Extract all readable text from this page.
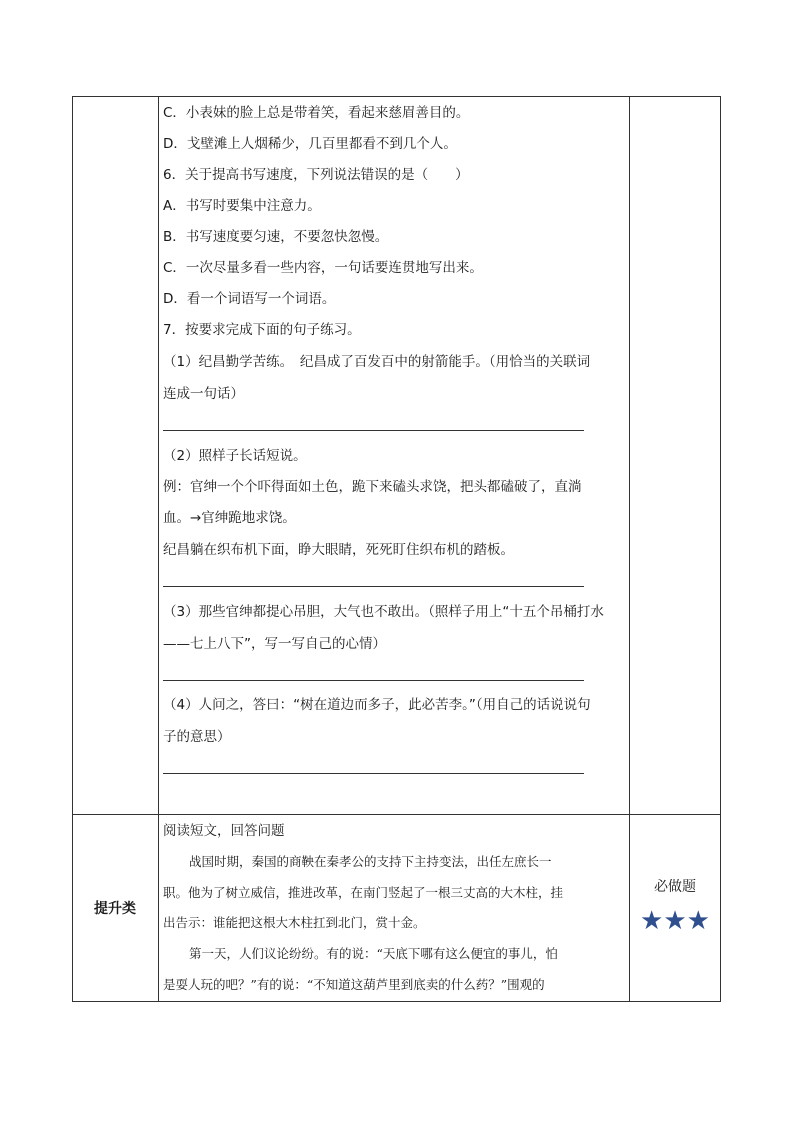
C．小表妹的脸上总是带着笑，看起来慈眉善目的。
D．戈壁滩上人烟稀少，几百里都看不到几个人。
6．关于提高书写速度，下列说法错误的是（　　）
A．书写时要集中注意力。
B．书写速度要匀速，不要忽快忽慢。
C．一次尽量多看一些内容，一句话要连贯地写出来。
D．看一个词语写一个词语。
7．按要求完成下面的句子练习。
（1）纪昌勤学苦练。　纪昌成了百发百中的射箭能手。（用恰当的关联词
连成一句话）
（2）照样子长话短说。
例：官绅一个个吓得面如土色，跪下来磕头求饶，把头都磕破了，直淌
血。→官绅跪地求饶。
纪昌躺在织布机下面，睁大眼睛，死死盯住织布机的踏板。
（3）那些官绅都提心吊胆，大气也不敢出。（照样子用上“十五个吊桶打水
——七上八下”，写一写自己的心情）
（4）人问之，答曰：“树在道边而多子，此必苦李。”（用自己的话说说句
子的意思）
提升类
阅读短文，回答问题
战国时期，秦国的商鞅在秦孝公的支持下主持变法，出任左庶长一
职。他为了树立威信，推进改革，在南门竖起了一根三丈高的大木柱，挂
出告示：谁能把这根大木柱扛到北门，赏十金。
第一天，人们议论纷纷。有的说：“天底下哪有这么便宜的事儿，怕
是耍人玩的吧？”有的说：“不知道这葫芦里到底卖的什么药？”围观的
必做题
★★★
